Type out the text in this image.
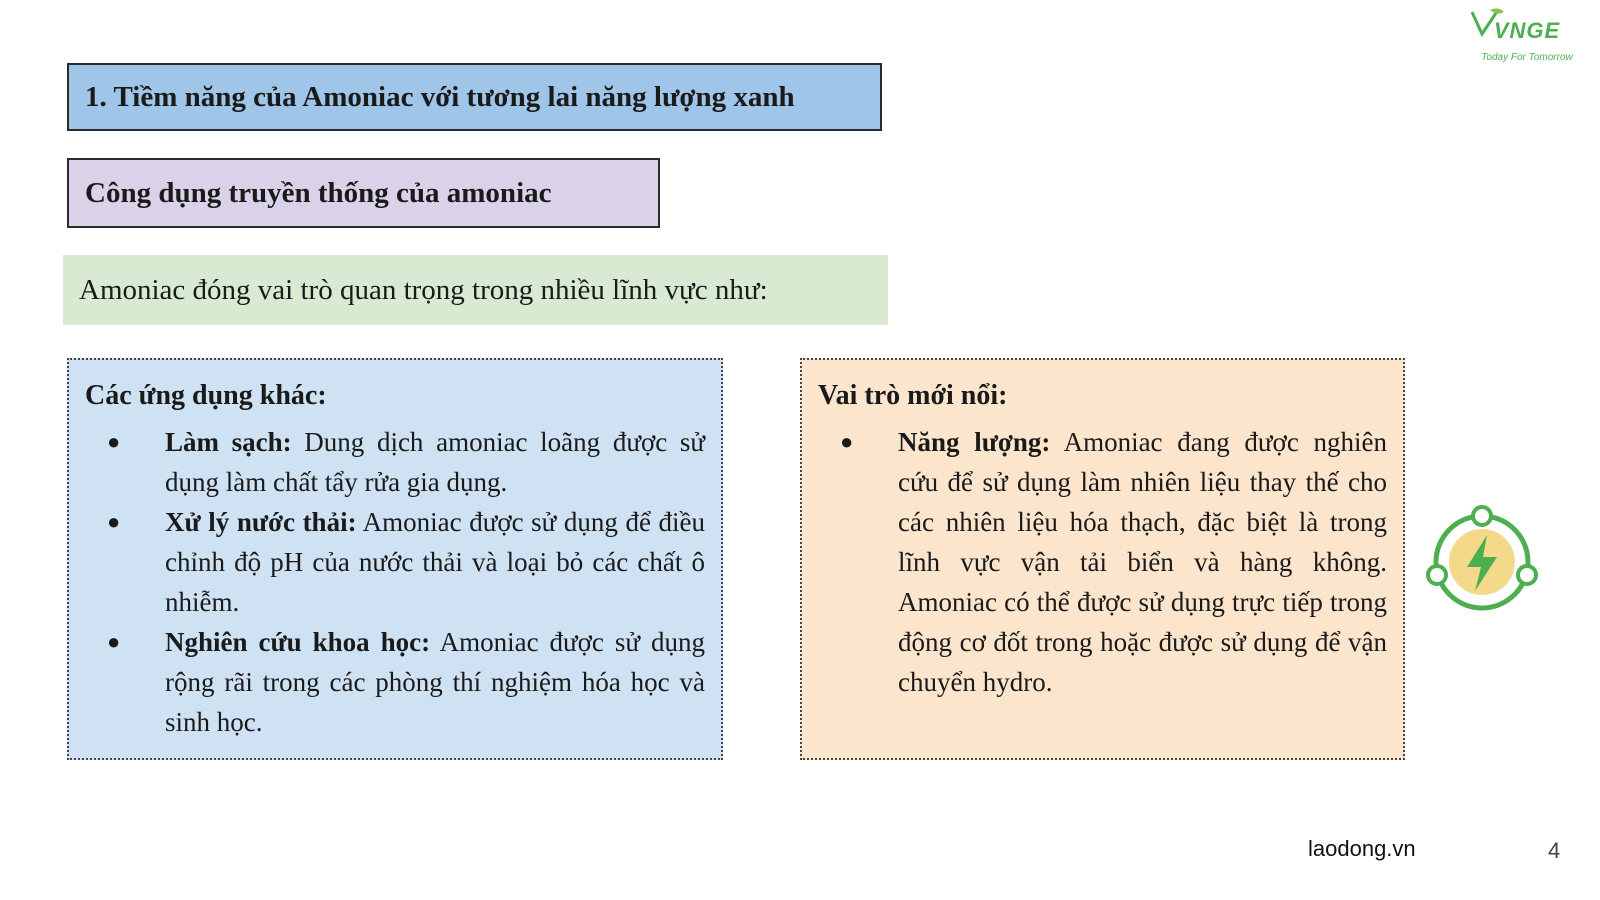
VNGE
Today For Tomorrow
1. Tiềm năng của Amoniac với tương lai năng lượng xanh
Công dụng truyền thống của amoniac
Amoniac đóng vai trò quan trọng trong nhiều lĩnh vực như:
Các ứng dụng khác:
● Làm sạch: Dung dịch amoniac loãng được sử dụng làm chất tẩy rửa gia dụng.
● Xử lý nước thải: Amoniac được sử dụng để điều chỉnh độ pH của nước thải và loại bỏ các chất ô nhiễm.
● Nghiên cứu khoa học: Amoniac được sử dụng rộng rãi trong các phòng thí nghiệm hóa học và sinh học.
Vai trò mới nổi:
● Năng lượng: Amoniac đang được nghiên cứu để sử dụng làm nhiên liệu thay thế cho các nhiên liệu hóa thạch, đặc biệt là trong lĩnh vực vận tải biển và hàng không. Amoniac có thể được sử dụng trực tiếp trong động cơ đốt trong hoặc được sử dụng để vận chuyển hydro.
laodong.vn	4
